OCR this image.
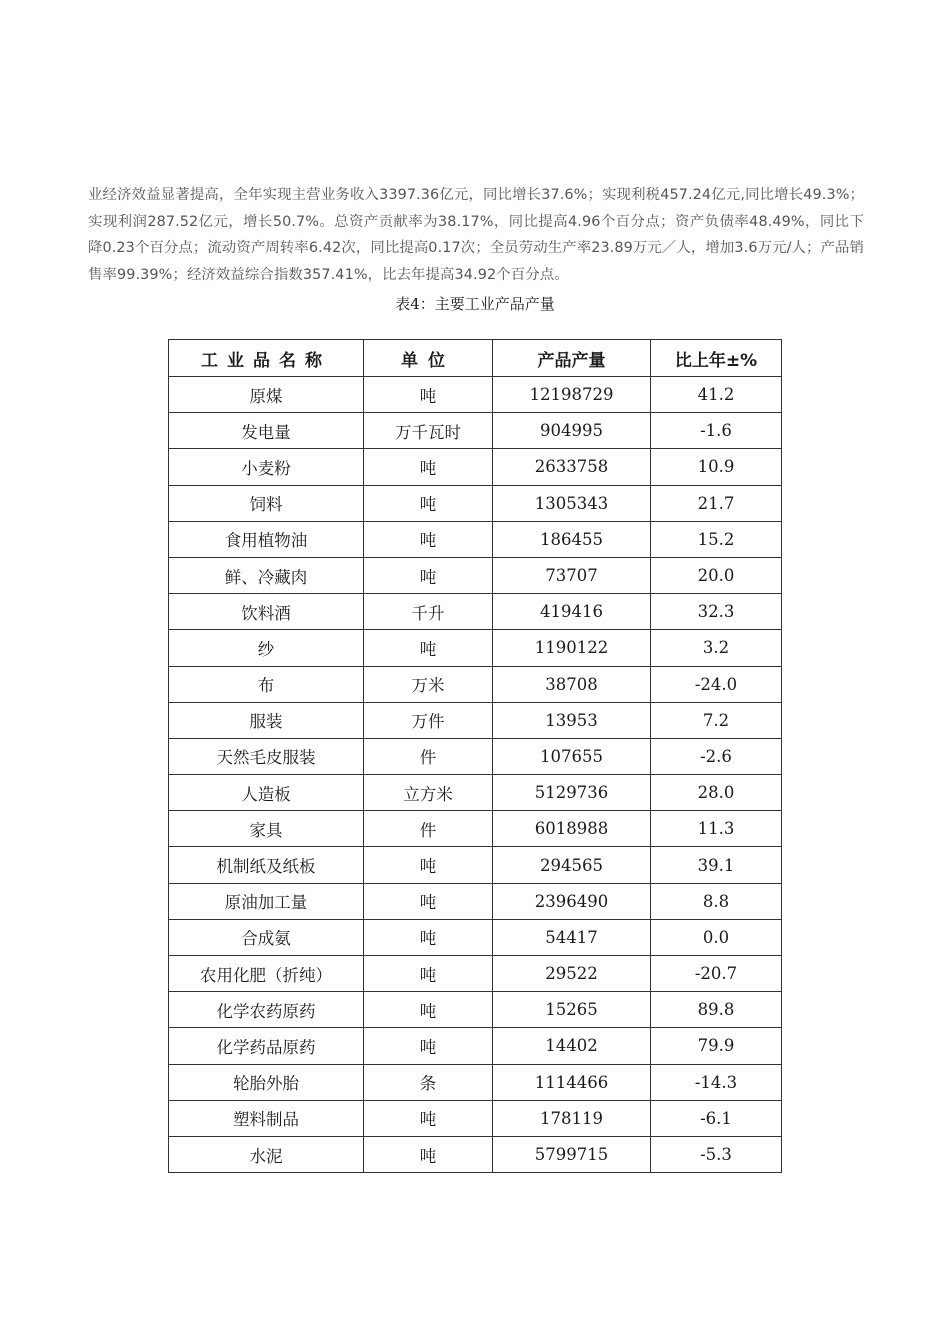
业经济效益显著提高，全年实现主营业务收入3397.36亿元，同比增长37.6%；实现利税457.24亿元,同比增长49.3%；实现利润287.52亿元，增长50.7%。总资产贡献率为38.17%，同比提高4.96个百分点；资产负债率48.49%，同比下降0.23个百分点；流动资产周转率6.42次，同比提高0.17次；全员劳动生产率23.89万元／人，增加3.6万元/人；产品销售率99.39%；经济效益综合指数357.41%，比去年提高34.92个百分点。

表4：主要工业产品产量
工业品名称	单位	产品产量	比上年±%
原煤	吨	12198729	41.2
发电量	万千瓦时	904995	-1.6
小麦粉	吨	2633758	10.9
饲料	吨	1305343	21.7
食用植物油	吨	186455	15.2
鲜、冷藏肉	吨	73707	20.0
饮料酒	千升	419416	32.3
纱	吨	1190122	3.2
布	万米	38708	-24.0
服装	万件	13953	7.2
天然毛皮服装	件	107655	-2.6
人造板	立方米	5129736	28.0
家具	件	6018988	11.3
机制纸及纸板	吨	294565	39.1
原油加工量	吨	2396490	8.8
合成氨	吨	54417	0.0
农用化肥（折纯）	吨	29522	-20.7
化学农药原药	吨	15265	89.8
化学药品原药	吨	14402	79.9
轮胎外胎	条	1114466	-14.3
塑料制品	吨	178119	-6.1
水泥	吨	5799715	-5.3
